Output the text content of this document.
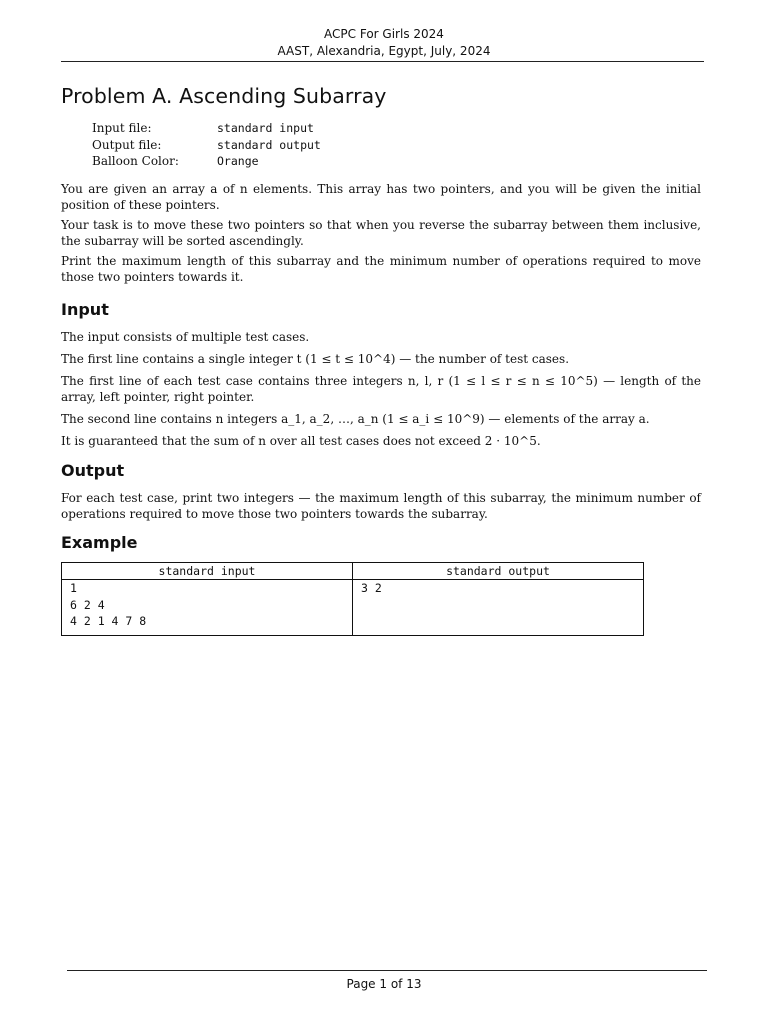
ACPC For Girls 2024
AAST, Alexandria, Egypt, July, 2024
Problem A. Ascending Subarray
Input file:	standard input
Output file:	standard output
Balloon Color:	Orange

You are given an array a of n elements. This array has two pointers, and you will be given the initial position of these pointers.

Your task is to move these two pointers so that when you reverse the subarray between them inclusive, the subarray will be sorted ascendingly.

Print the maximum length of this subarray and the minimum number of operations required to move those two pointers towards it.

Input

The input consists of multiple test cases.

The first line contains a single integer t (1 ≤ t ≤ 10^4) — the number of test cases.

The first line of each test case contains three integers n, l, r (1 ≤ l ≤ r ≤ n ≤ 10^5) — length of the array, left pointer, right pointer.

The second line contains n integers a_1, a_2, …, a_n (1 ≤ a_i ≤ 10^9) — elements of the array a.

It is guaranteed that the sum of n over all test cases does not exceed 2 · 10^5.

Output

For each test case, print two integers — the maximum length of this subarray, the minimum number of operations required to move those two pointers towards the subarray.

Example
standard input	standard output
1
6 2 4
4 2 1 4 7 8	3 2
Page 1 of 13
